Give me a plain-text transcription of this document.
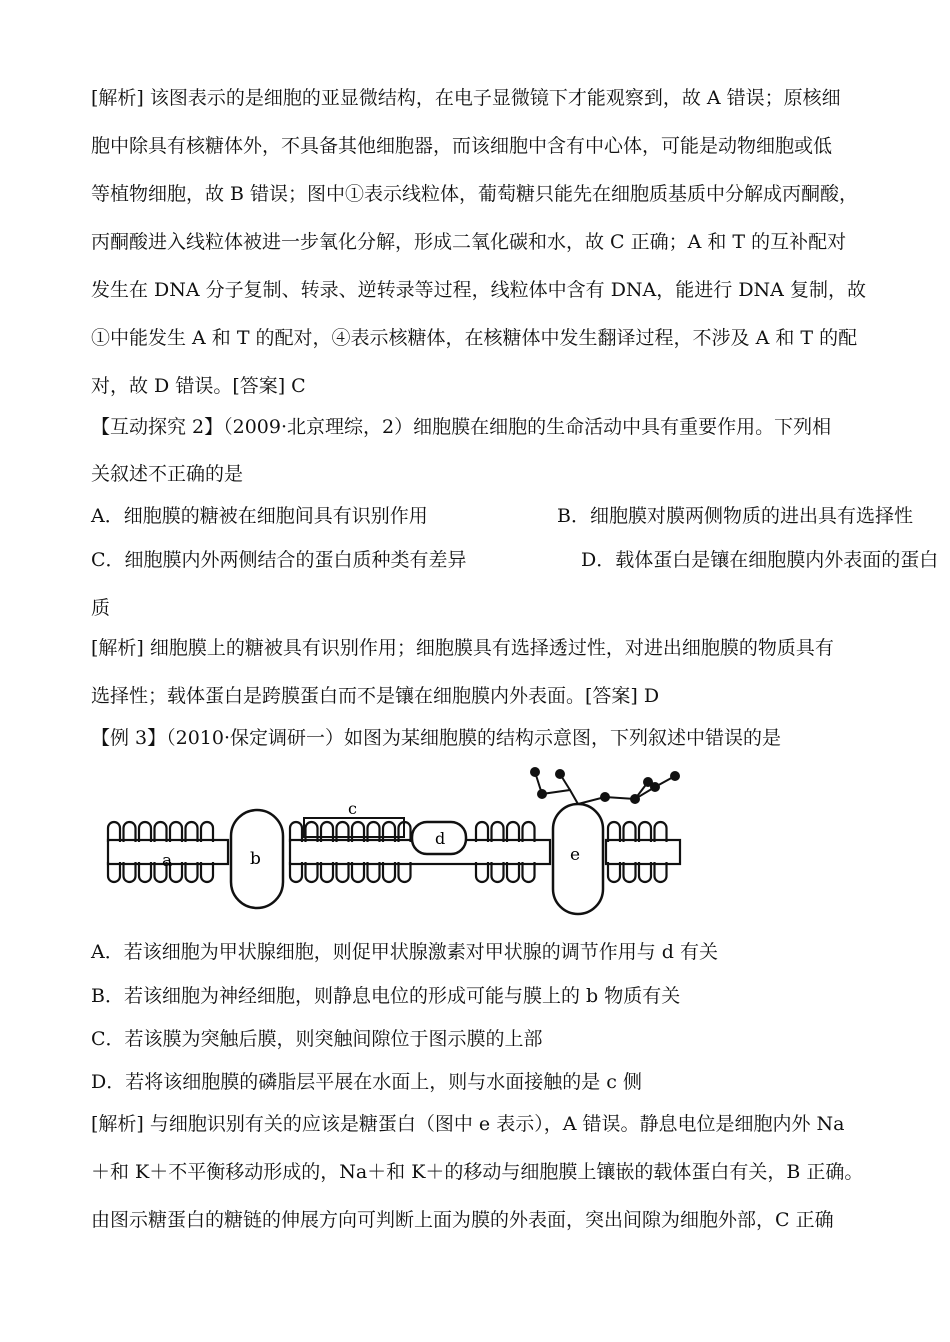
[解析] 该图表示的是细胞的亚显微结构，在电子显微镜下才能观察到，故 A 错误；原核细
胞中除具有核糖体外，不具备其他细胞器，而该细胞中含有中心体，可能是动物细胞或低
等植物细胞，故 B 错误；图中①表示线粒体，葡萄糖只能先在细胞质基质中分解成丙酮酸，
丙酮酸进入线粒体被进一步氧化分解，形成二氧化碳和水，故 C 正确；A 和 T 的互补配对
发生在 DNA 分子复制、转录、逆转录等过程，线粒体中含有 DNA，能进行 DNA 复制，故
①中能发生 A 和 T 的配对，④表示核糖体，在核糖体中发生翻译过程，不涉及 A 和 T 的配
对，故 D 错误。[答案] C
【互动探究 2】（2009·北京理综，2）细胞膜在细胞的生命活动中具有重要作用。下列相
关叙述不正确的是
A．细胞膜的糖被在细胞间具有识别作用	B．细胞膜对膜两侧物质的进出具有选择性
C．细胞膜内外两侧结合的蛋白质种类有差异	D．载体蛋白是镶在细胞膜内外表面的蛋白
质
[解析] 细胞膜上的糖被具有识别作用；细胞膜具有选择透过性，对进出细胞膜的物质具有
选择性；载体蛋白是跨膜蛋白而不是镶在细胞膜内外表面。[答案] D
【例 3】（2010·保定调研一）如图为某细胞膜的结构示意图，下列叙述中错误的是
b
c
d
e
a
A．若该细胞为甲状腺细胞，则促甲状腺激素对甲状腺的调节作用与 d 有关
B．若该细胞为神经细胞，则静息电位的形成可能与膜上的 b 物质有关
C．若该膜为突触后膜，则突触间隙位于图示膜的上部
D．若将该细胞膜的磷脂层平展在水面上，则与水面接触的是 c 侧
[解析] 与细胞识别有关的应该是糖蛋白（图中 e 表示），A 错误。静息电位是细胞内外 Na
＋和 K＋不平衡移动形成的，Na＋和 K＋的移动与细胞膜上镶嵌的载体蛋白有关，B 正确。
由图示糖蛋白的糖链的伸展方向可判断上面为膜的外表面，突出间隙为细胞外部，C 正确
